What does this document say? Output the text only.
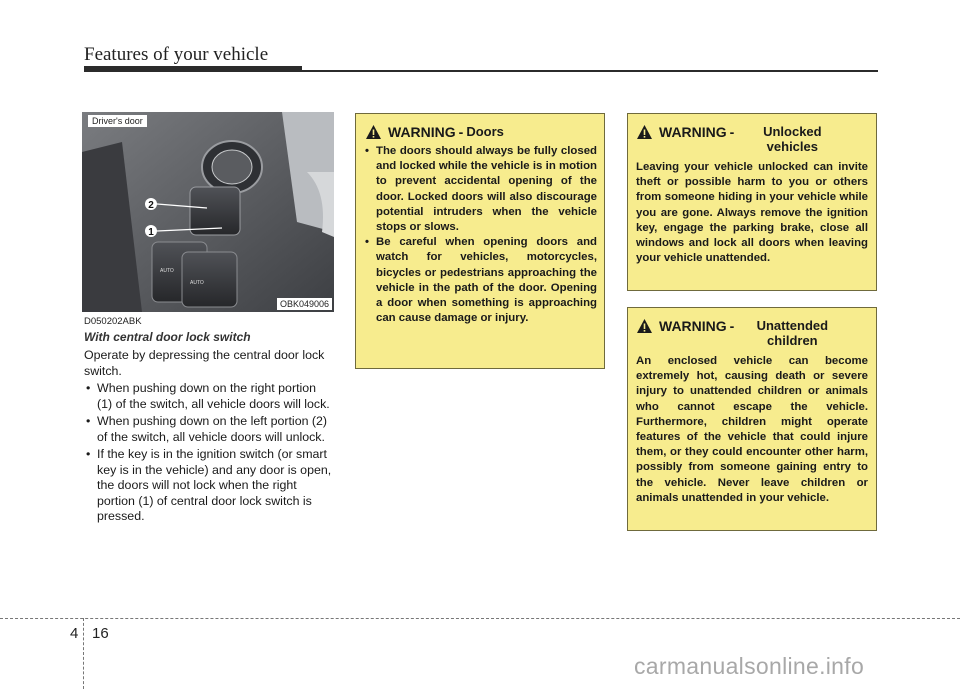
Features of your vehicle
AUTO
AUTO
2
1
Driver's door
OBK049006
D050202ABK
With central door lock switch

Operate by depressing the central door lock switch.

• When pushing down on the right portion (1) of the switch, all vehicle doors will lock.
• When pushing down on the left portion (2) of the switch, all vehicle doors will unlock.
• If the key is in the ignition switch (or smart key is in the vehicle) and any door is open, the doors will not lock when the right portion (1) of central door lock switch is pressed.
WARNING - Doors
• The doors should always be fully closed and locked while the vehicle is in motion to prevent accidental opening of the door. Locked doors will also discourage potential intruders when the vehicle stops or slows.
• Be careful when opening doors and watch for vehicles, motorcycles, bicycles or pedestrians approaching the vehicle in the path of the door. Opening a door when something is approaching can cause damage or injury.
WARNING -	Unlocked vehicles
Leaving your vehicle unlocked can invite theft or possible harm to you or others from someone hiding in your vehicle while you are gone. Always remove the ignition key, engage the parking brake, close all windows and lock all doors when leaving your vehicle unattended.
WARNING -	Unattended children
An enclosed vehicle can become extremely hot, causing death or severe injury to unattended children or animals who cannot escape the vehicle. Furthermore, children might operate features of the vehicle that could injure them, or they could encounter other harm, possibly from someone gaining entry to the vehicle. Never leave children or animals unattended in your vehicle.
4 16
carmanualsonline.info
